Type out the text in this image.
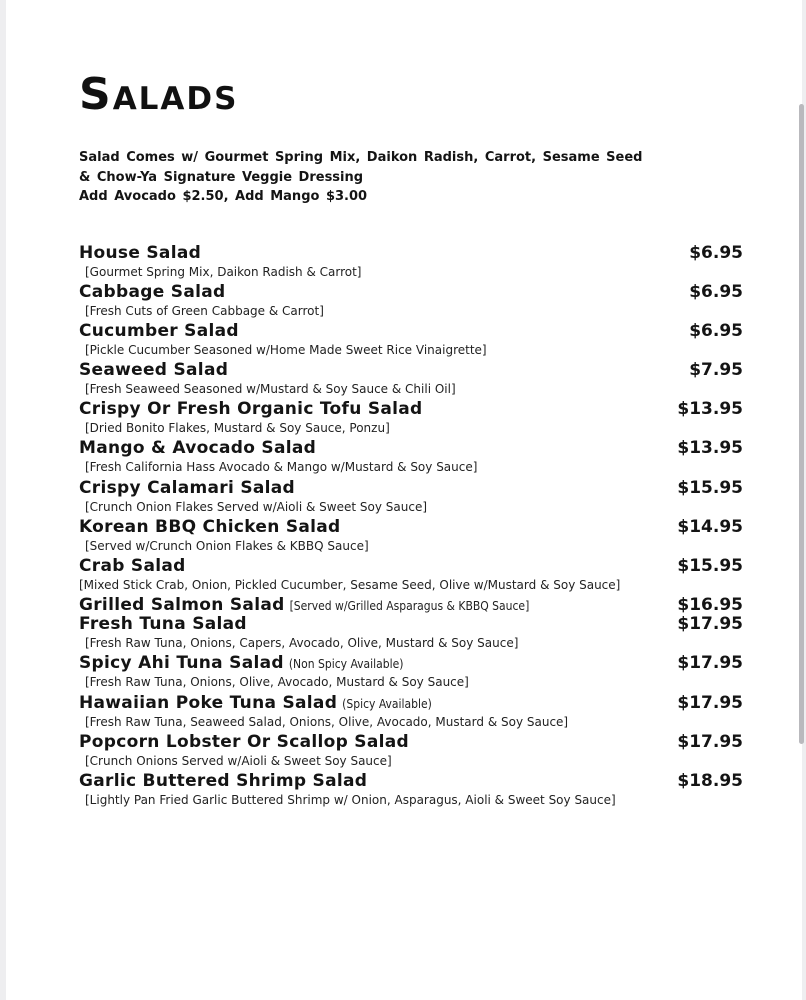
Salads
Salad Comes w/ Gourmet Spring Mix, Daikon Radish, Carrot, Sesame Seed
& Chow-Ya Signature Veggie Dressing
Add Avocado $2.50, Add Mango $3.00
House Salad	$6.95
[Gourmet Spring Mix, Daikon Radish & Carrot]
Cabbage Salad	$6.95
[Fresh Cuts of Green Cabbage & Carrot]
Cucumber Salad	$6.95
[Pickle Cucumber Seasoned w/Home Made Sweet Rice Vinaigrette]
Seaweed Salad	$7.95
[Fresh Seaweed Seasoned w/Mustard & Soy Sauce & Chili Oil]
Crispy Or Fresh Organic Tofu Salad	$13.95
[Dried Bonito Flakes, Mustard & Soy Sauce, Ponzu]
Mango & Avocado Salad	$13.95
[Fresh California Hass Avocado & Mango w/Mustard & Soy Sauce]
Crispy Calamari Salad	$15.95
[Crunch Onion Flakes Served w/Aioli & Sweet Soy Sauce]
Korean BBQ Chicken Salad	$14.95
[Served w/Crunch Onion Flakes & KBBQ Sauce]
Crab Salad	$15.95
[Mixed Stick Crab, Onion, Pickled Cucumber, Sesame Seed, Olive w/Mustard & Soy Sauce]
Grilled Salmon Salad [Served w/Grilled Asparagus & KBBQ Sauce]	$16.95
Fresh Tuna Salad	$17.95
[Fresh Raw Tuna, Onions, Capers, Avocado, Olive, Mustard & Soy Sauce]
Spicy Ahi Tuna Salad (Non Spicy Available)	$17.95
[Fresh Raw Tuna, Onions, Olive, Avocado, Mustard & Soy Sauce]
Hawaiian Poke Tuna Salad (Spicy Available)	$17.95
[Fresh Raw Tuna, Seaweed Salad, Onions, Olive, Avocado, Mustard & Soy Sauce]
Popcorn Lobster Or Scallop Salad	$17.95
[Crunch Onions Served w/Aioli & Sweet Soy Sauce]
Garlic Buttered Shrimp Salad	$18.95
[Lightly Pan Fried Garlic Buttered Shrimp w/ Onion, Asparagus, Aioli & Sweet Soy Sauce]
